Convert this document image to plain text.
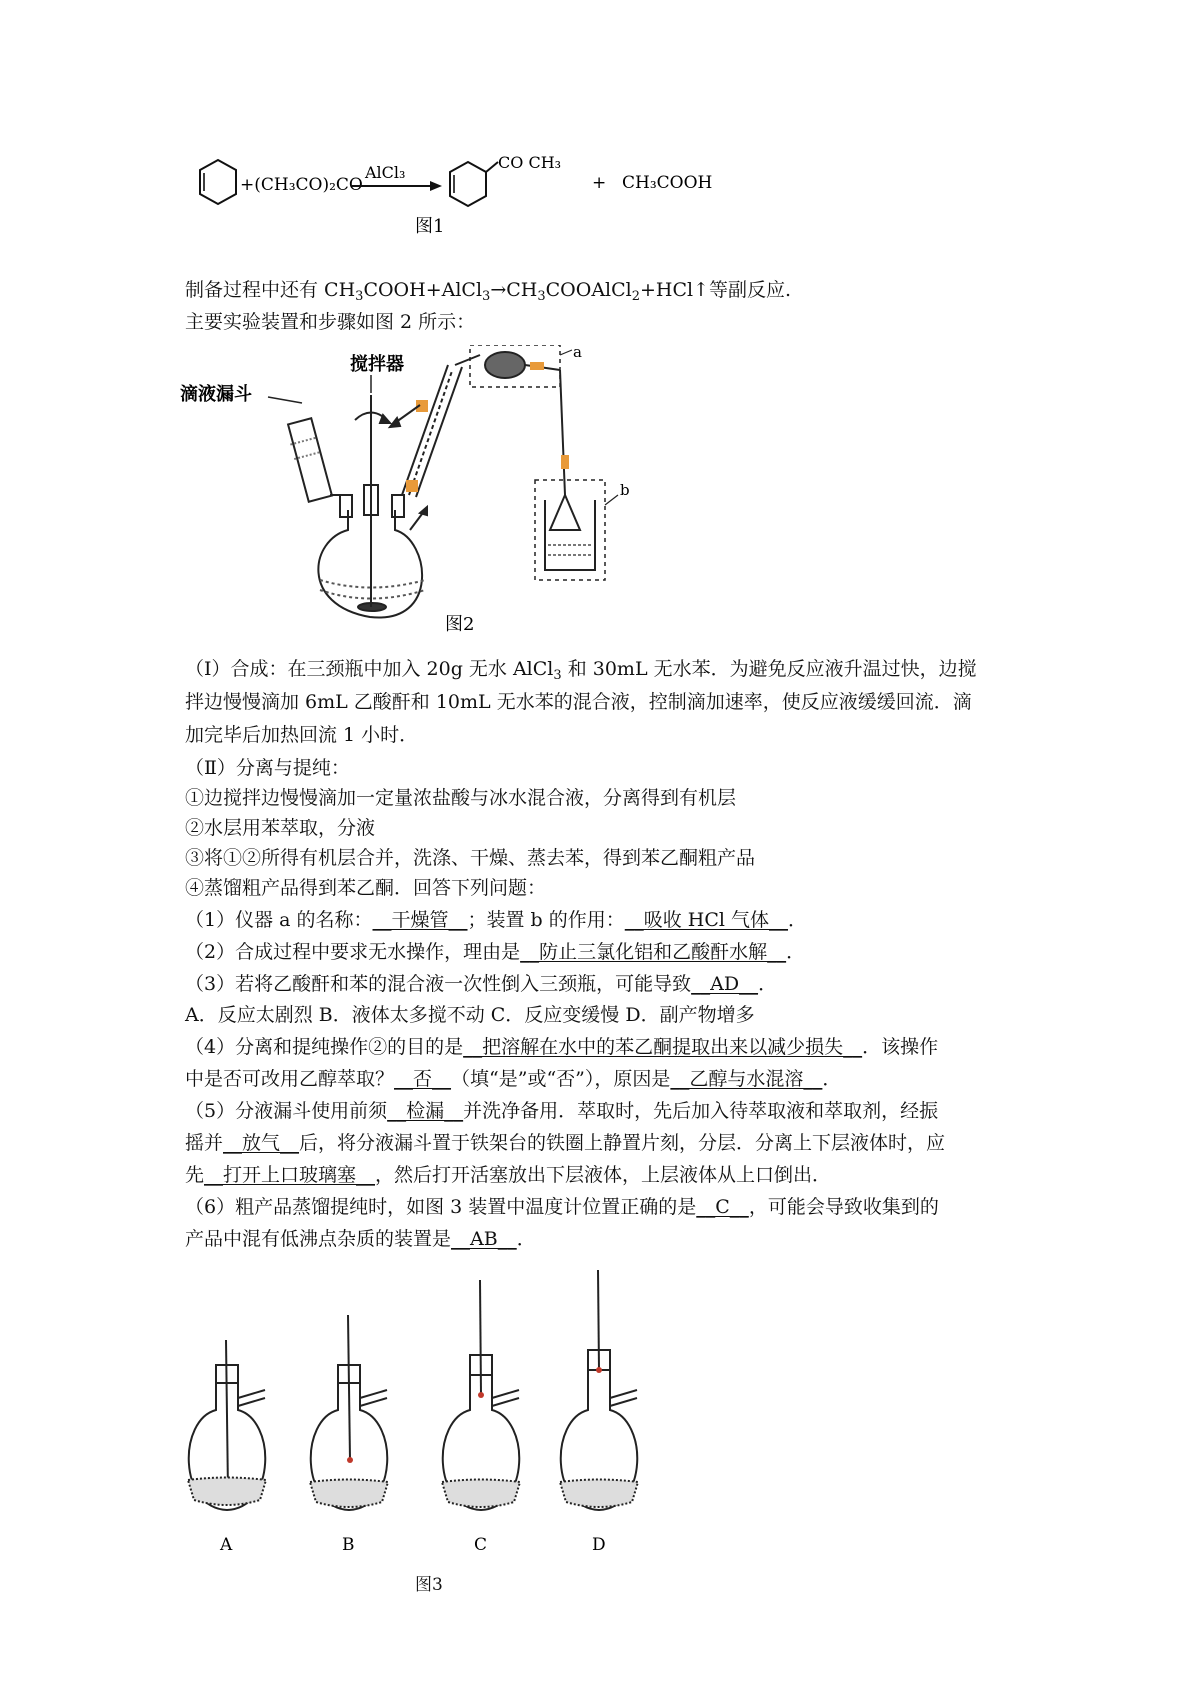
+(CH₃CO)₂CO
AlCl₃
CO CH₃
+ CH₃COOH
图1
制备过程中还有 $CH_3COOH+AlCl_3\to CH_3COOAlCl_2+HCl↑$等副反应.
主要实验装置和步骤如图 2 所示：
搅拌器
滴液漏斗
a
b
图2
（I）合成：在三颈瓶中加入 20g 无水 AlCl$_3$ 和 30mL 无水苯．为避免反应液升温过快，边搅
拌边慢慢滴加 6mL 乙酸酐和 10mL 无水苯的混合液，控制滴加速率，使反应液缓缓回流．滴
加完毕后加热回流 1 小时．
（Ⅱ）分离与提纯：
①边搅拌边慢慢滴加一定量浓盐酸与冰水混合液，分离得到有机层
②水层用苯萃取，分液
③将①②所得有机层合并，洗涤、干燥、蒸去苯，得到苯乙酮粗产品
④蒸馏粗产品得到苯乙酮．回答下列问题：
（1）仪器 a 的名称：__干燥管__；装置 b 的作用：__吸收 HCl 气体__．
（2）合成过程中要求无水操作，理由是__防止三氯化铝和乙酸酐水解__．
（3）若将乙酸酐和苯的混合液一次性倒入三颈瓶，可能导致__AD__．
A．反应太剧烈 B．液体太多搅不动 C．反应变缓慢 D．副产物增多
（4）分离和提纯操作②的目的是__把溶解在水中的苯乙酮提取出来以减少损失__．该操作
中是否可改用乙醇萃取？__否__（填“是”或“否”），原因是__乙醇与水混溶__．
（5）分液漏斗使用前须__检漏__并洗净备用．萃取时，先后加入待萃取液和萃取剂，经振
摇并__放气__后，将分液漏斗置于铁架台的铁圈上静置片刻，分层．分离上下层液体时，应
先__打开上口玻璃塞__，然后打开活塞放出下层液体，上层液体从上口倒出．
（6）粗产品蒸馏提纯时，如图 3 装置中温度计位置正确的是__C__，可能会导致收集到的
产品中混有低沸点杂质的装置是__AB__．
A	B	C	D
图3
